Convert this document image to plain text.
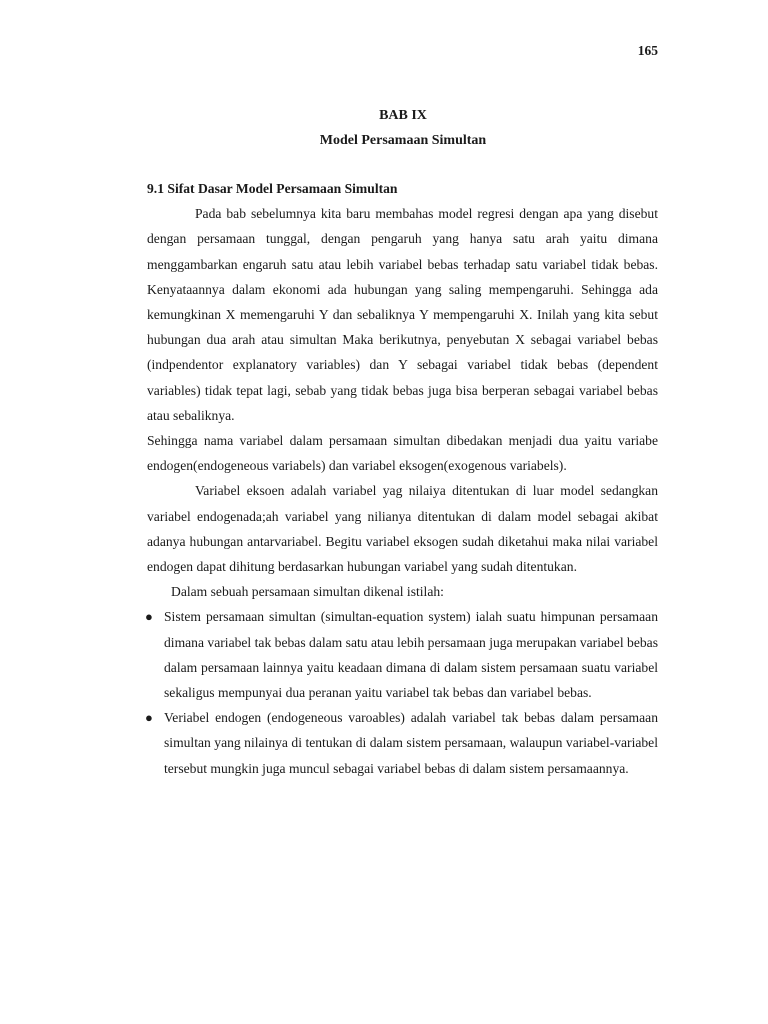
165
BAB IX
Model Persamaan Simultan

9.1 Sifat Dasar Model Persamaan Simultan

Pada bab sebelumnya kita baru membahas model regresi dengan apa yang disebut dengan persamaan tunggal, dengan pengaruh yang hanya satu arah yaitu dimana menggambarkan engaruh satu atau lebih variabel bebas terhadap satu variabel tidak bebas. Kenyataannya dalam ekonomi ada hubungan yang saling mempengaruhi. Sehingga ada kemungkinan X memengaruhi Y dan sebaliknya Y mempengaruhi X. Inilah yang kita sebut hubungan dua arah atau simultan Maka berikutnya, penyebutan X sebagai variabel bebas (indpendentor explanatory variables) dan Y sebagai variabel tidak bebas (dependent variables) tidak tepat lagi, sebab yang tidak bebas juga bisa berperan sebagai variabel bebas atau sebaliknya.

Sehingga nama variabel dalam persamaan simultan dibedakan menjadi dua yaitu variabe endogen(endogeneous variabels) dan variabel eksogen(exogenous variabels).

Variabel eksoen adalah variabel yag nilaiya ditentukan di luar model sedangkan variabel endogenada;ah variabel yang nilianya ditentukan di dalam model sebagai akibat adanya hubungan antarvariabel. Begitu variabel eksogen sudah diketahui maka nilai variabel endogen dapat dihitung berdasarkan hubungan variabel yang sudah ditentukan.

Dalam sebuah persamaan simultan dikenal istilah:

● Sistem persamaan simultan (simultan-equation system) ialah suatu himpunan persamaan dimana variabel tak bebas dalam satu atau lebih persamaan juga merupakan variabel bebas dalam persamaan lainnya yaitu keadaan dimana di dalam sistem persamaan suatu variabel sekaligus mempunyai dua peranan yaitu variabel tak bebas dan variabel bebas.
● Veriabel endogen (endogeneous varoables) adalah variabel tak bebas dalam persamaan simultan yang nilainya di tentukan di dalam sistem persamaan, walaupun variabel-variabel tersebut mungkin juga muncul sebagai variabel bebas di dalam sistem persamaannya.
